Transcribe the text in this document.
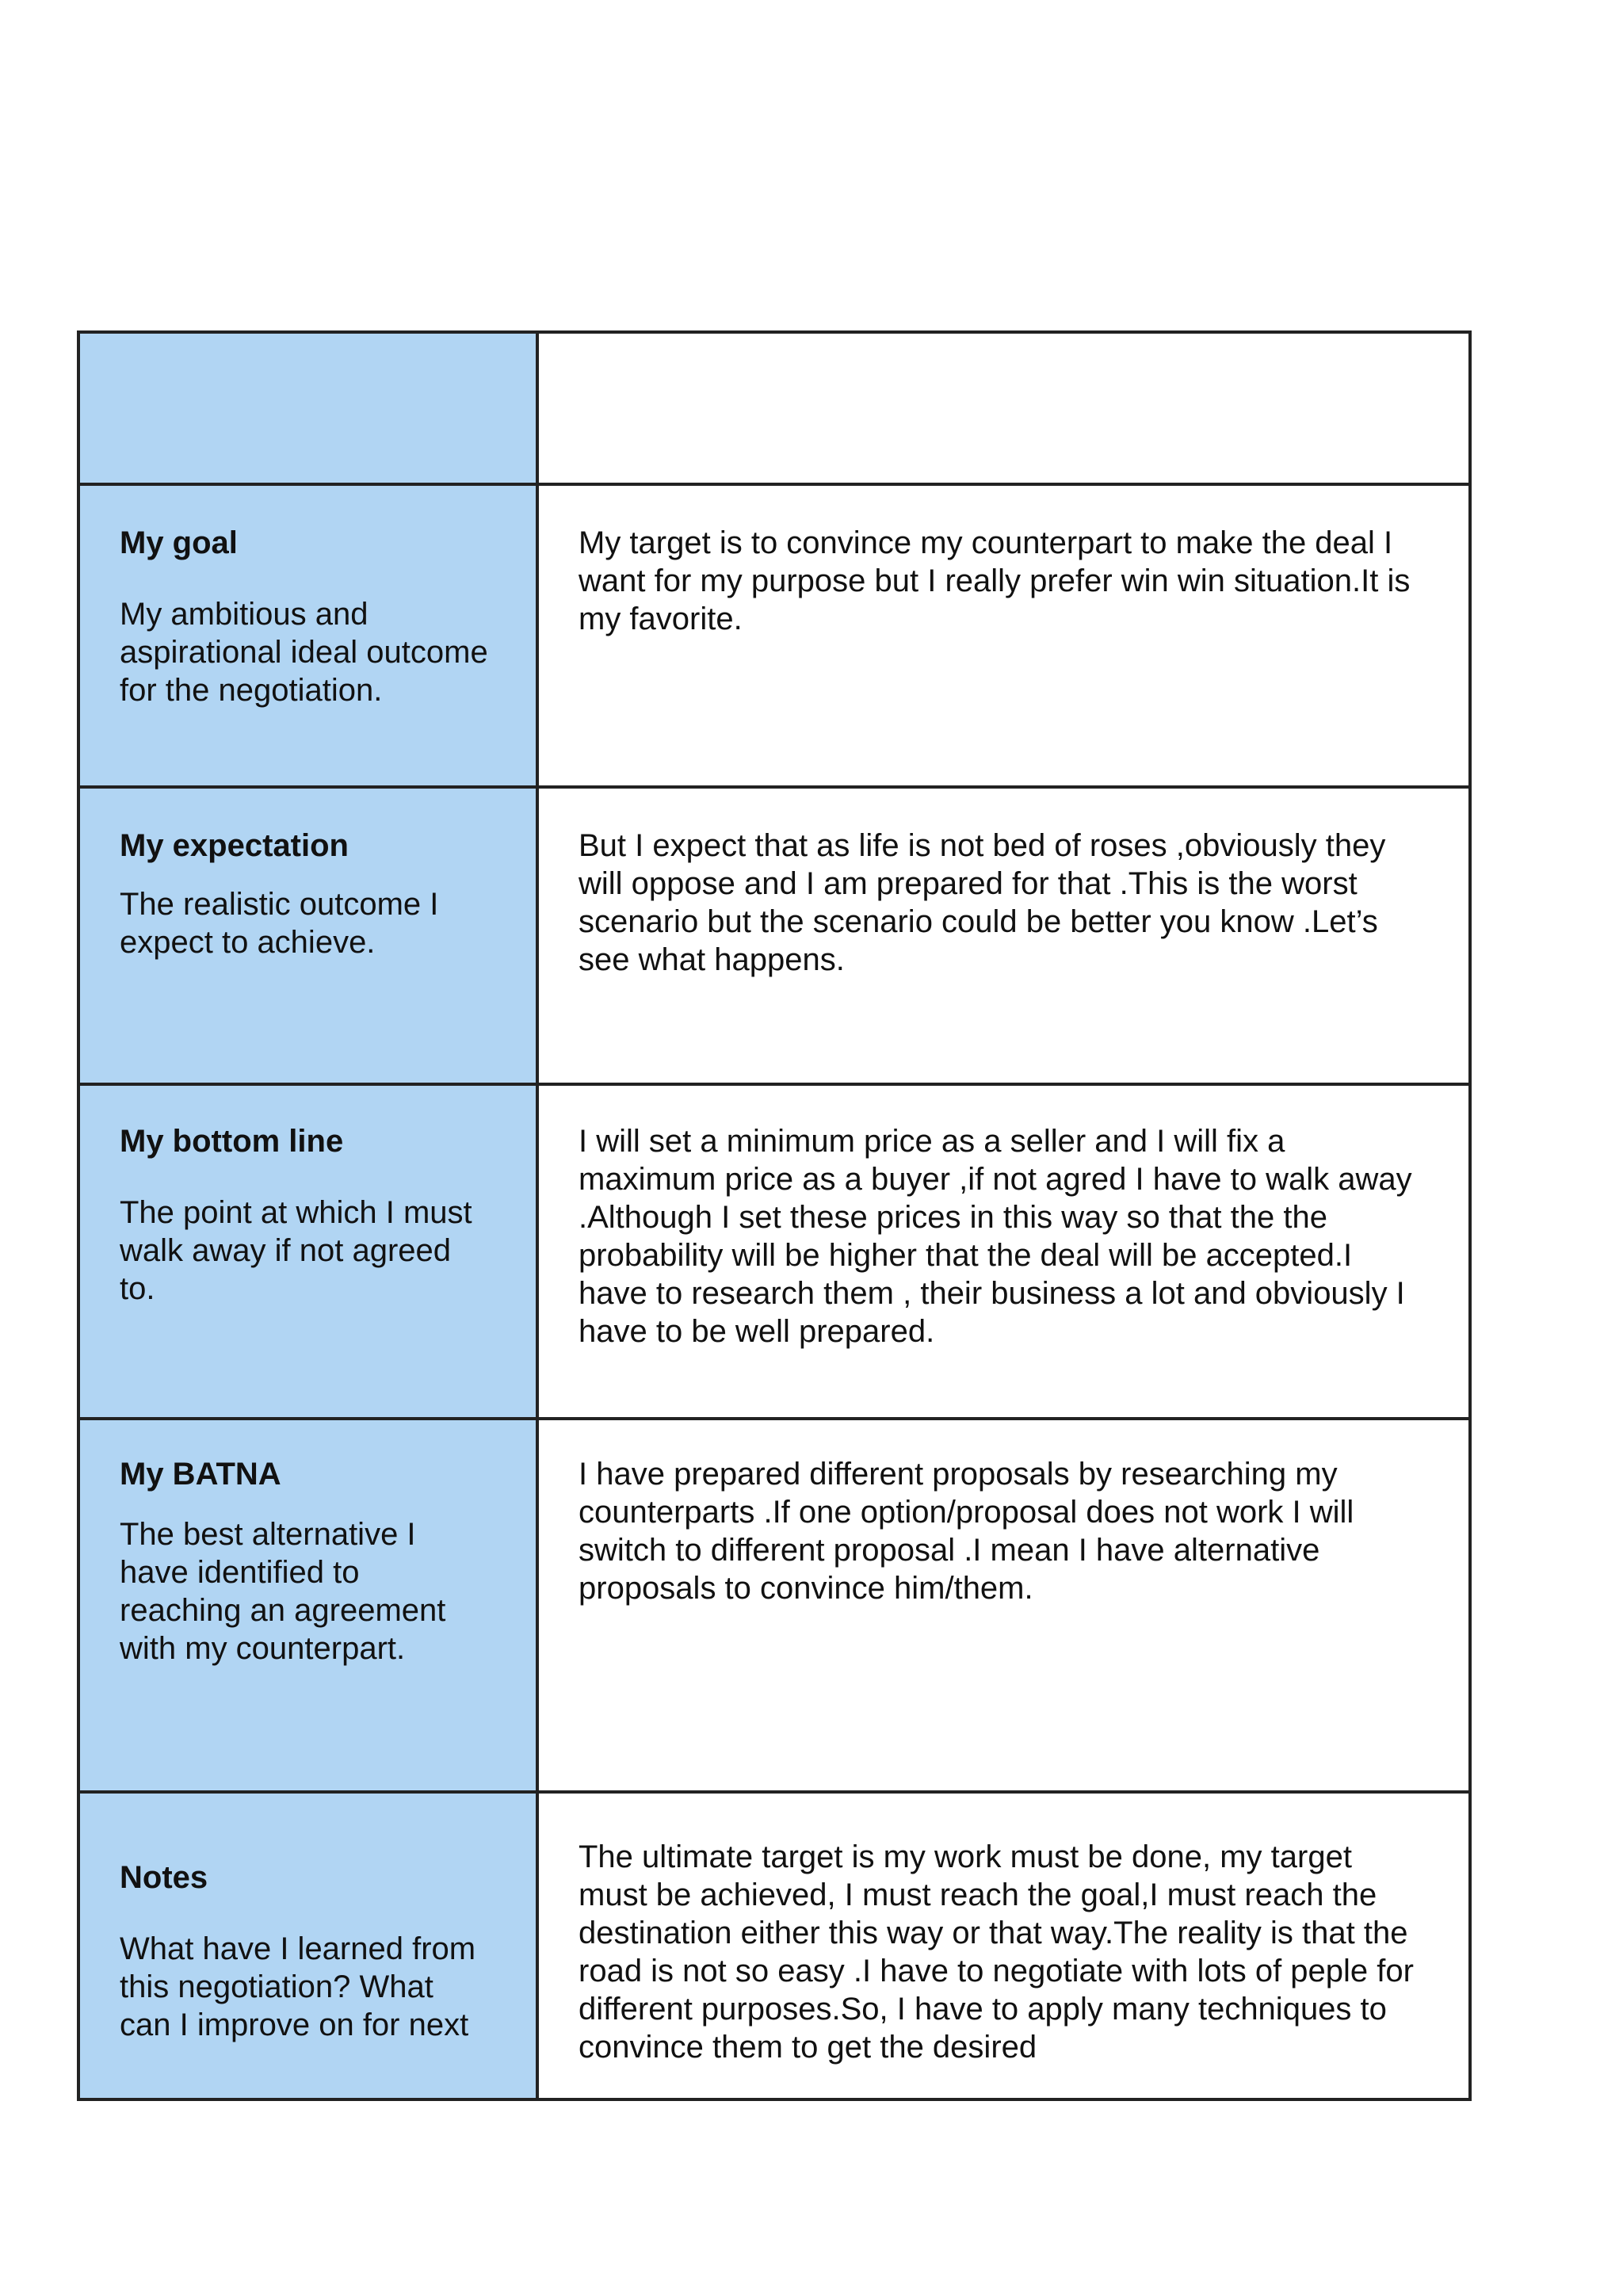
My goal

My ambitious and aspirational ideal outcome for the negotiation.	My target is to convince my counterpart to make the deal I want for my purpose but I really prefer win win situation.It is my favorite.

My expectation

The realistic outcome I expect to achieve.	But I expect that as life is not bed of roses ,obviously they will oppose and I am prepared for that .This is the worst scenario but the scenario could be better you know .Let’s see what happens.

My bottom line

The point at which I must walk away if not agreed to.	I will set a minimum price as a seller and I will fix a maximum price as a buyer ,if not agred I have to walk away .Although I set these prices in this way so that the the probability will be higher that the deal will be accepted.I have to research them , their business a lot and obviously I have to be well prepared.

My BATNA

The best alternative I have identified to reaching an agreement with my counterpart.	I have prepared different proposals by researching my counterparts .If one option/proposal does not work I will switch to different proposal .I mean I have alternative proposals to convince him/them.

Notes

What have I learned from this negotiation? What can I improve on for next	The ultimate target is my work must be done, my target must be achieved, I must reach the goal,I must reach the destination either this way or that way.The reality is that the road is not so easy .I have to negotiate with lots of peple for different purposes.So, I have to apply many techniques to convince them to get the desired
